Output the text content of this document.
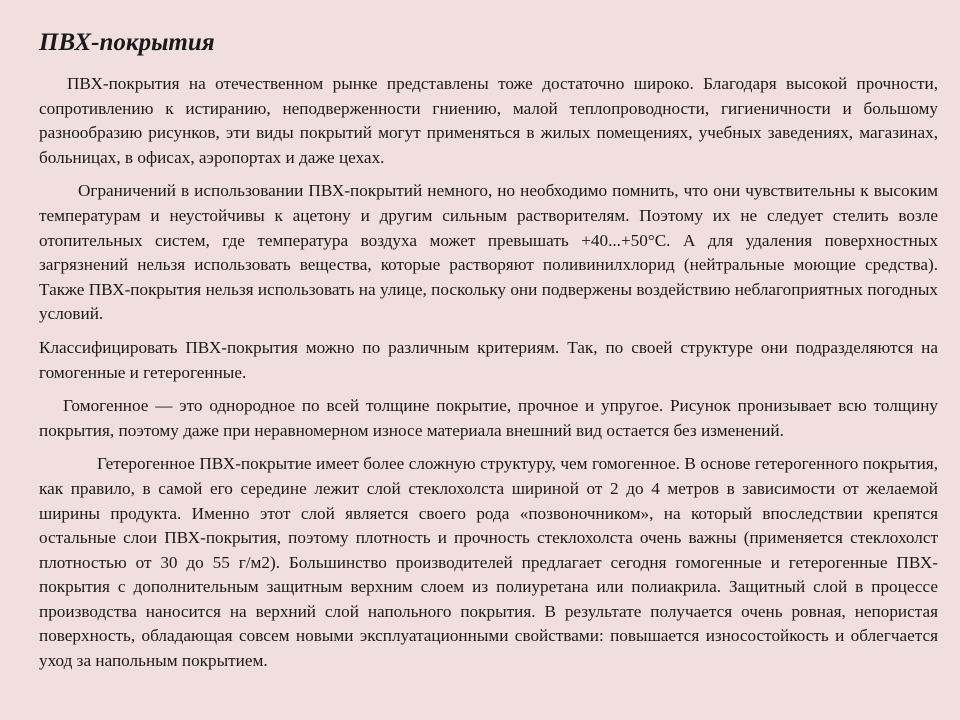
ПВХ-покрытия

ПВХ-покрытия на отечественном рынке представлены тоже достаточно широко. Благодаря высокой прочности, сопротивлению к истиранию, неподверженности гниению, малой теплопроводности, гигиеничности и большому разнообразию рисунков, эти виды покрытий могут применяться в жилых помещениях, учебных заведениях, магазинах, больницах, в офисах, аэропортах и даже цехах.

Ограничений в использовании ПВХ-покрытий немного, но необходимо помнить, что они чувствительны к высоким температурам и неустойчивы к ацетону и другим сильным растворителям. Поэтому их не следует стелить возле отопительных систем, где температура воздуха может превышать +40...+50°С. А для удаления поверхностных загрязнений нельзя использовать вещества, которые растворяют поливинилхлорид (нейтральные моющие средства). Также ПВХ-покрытия нельзя использовать на улице, поскольку они подвержены воздействию неблагоприятных погодных условий.

Классифицировать ПВХ-покрытия можно по различным критериям. Так, по своей структуре они подразделяются на гомогенные и гетерогенные.

Гомогенное — это однородное по всей толщине покрытие, прочное и упругое. Рисунок пронизывает всю толщину покрытия, поэтому даже при неравномерном износе материала внешний вид остается без изменений.

Гетерогенное ПВХ-покрытие имеет более сложную структуру, чем гомогенное. В основе гетерогенного покрытия, как правило, в самой его середине лежит слой стеклохолста шириной от 2 до 4 метров в зависимости от желаемой ширины продукта. Именно этот слой является своего рода «позвоночником», на который впоследствии крепятся остальные слои ПВХ-покрытия, поэтому плотность и прочность стеклохолста очень важны (применяется стеклохолст плотностью от 30 до 55 г/м2). Большинство производителей предлагает сегодня гомогенные и гетерогенные ПВХ-покрытия с дополнительным защитным верхним слоем из полиуретана или полиакрила. Защитный слой в процессе производства наносится на верхний слой напольного покрытия. В результате получается очень ровная, непористая поверхность, обладающая совсем новыми эксплуатационными свойствами: повышается износостойкость и облегчается уход за напольным покрытием.
